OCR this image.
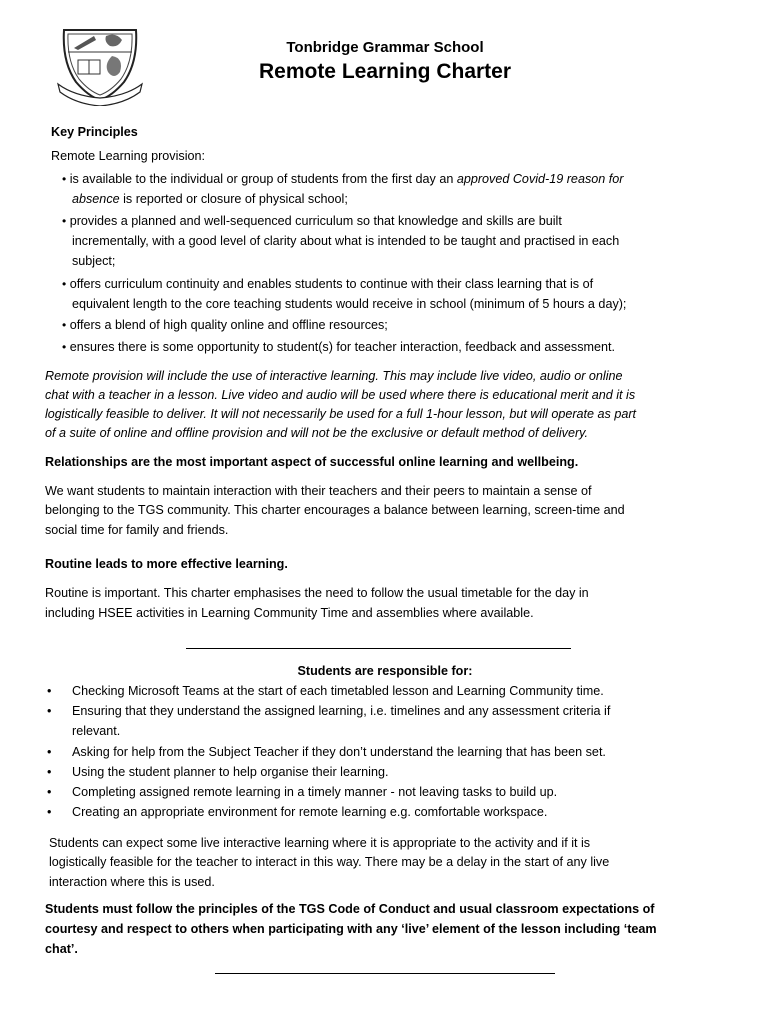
Tonbridge Grammar School
Remote Learning Charter
Key Principles
Remote Learning provision:
• is available to the individual or group of students from the first day an approved Covid-19 reason for
absence is reported or closure of physical school;
• provides a planned and well-sequenced curriculum so that knowledge and skills are built
incrementally, with a good level of clarity about what is intended to be taught and practised in each
subject;
• offers curriculum continuity and enables students to continue with their class learning that is of
equivalent length to the core teaching students would receive in school (minimum of 5 hours a day);
• offers a blend of high quality online and offline resources;
• ensures there is some opportunity to student(s) for teacher interaction, feedback and assessment.
Remote provision will include the use of interactive learning. This may include live video, audio or online
chat with a teacher in a lesson. Live video and audio will be used where there is educational merit and it is
logistically feasible to deliver. It will not necessarily be used for a full 1-hour lesson, but will operate as part
of a suite of online and offline provision and will not be the exclusive or default method of delivery.
Relationships are the most important aspect of successful online learning and wellbeing.
We want students to maintain interaction with their teachers and their peers to maintain a sense of
belonging to the TGS community. This charter encourages a balance between learning, screen-time and
social time for family and friends.
Routine leads to more effective learning.
Routine is important. This charter emphasises the need to follow the usual timetable for the day in
including HSEE activities in Learning Community Time and assemblies where available.
Students are responsible for:
• Checking Microsoft Teams at the start of each timetabled lesson and Learning Community time.
• Ensuring that they understand the assigned learning, i.e. timelines and any assessment criteria if
relevant.
• Asking for help from the Subject Teacher if they don’t understand the learning that has been set.
• Using the student planner to help organise their learning.
• Completing assigned remote learning in a timely manner - not leaving tasks to build up.
• Creating an appropriate environment for remote learning e.g. comfortable workspace.
Students can expect some live interactive learning where it is appropriate to the activity and if it is
logistically feasible for the teacher to interact in this way. There may be a delay in the start of any live
interaction where this is used.
Students must follow the principles of the TGS Code of Conduct and usual classroom expectations of
courtesy and respect to others when participating with any ‘live’ element of the lesson including ‘team
chat’.
